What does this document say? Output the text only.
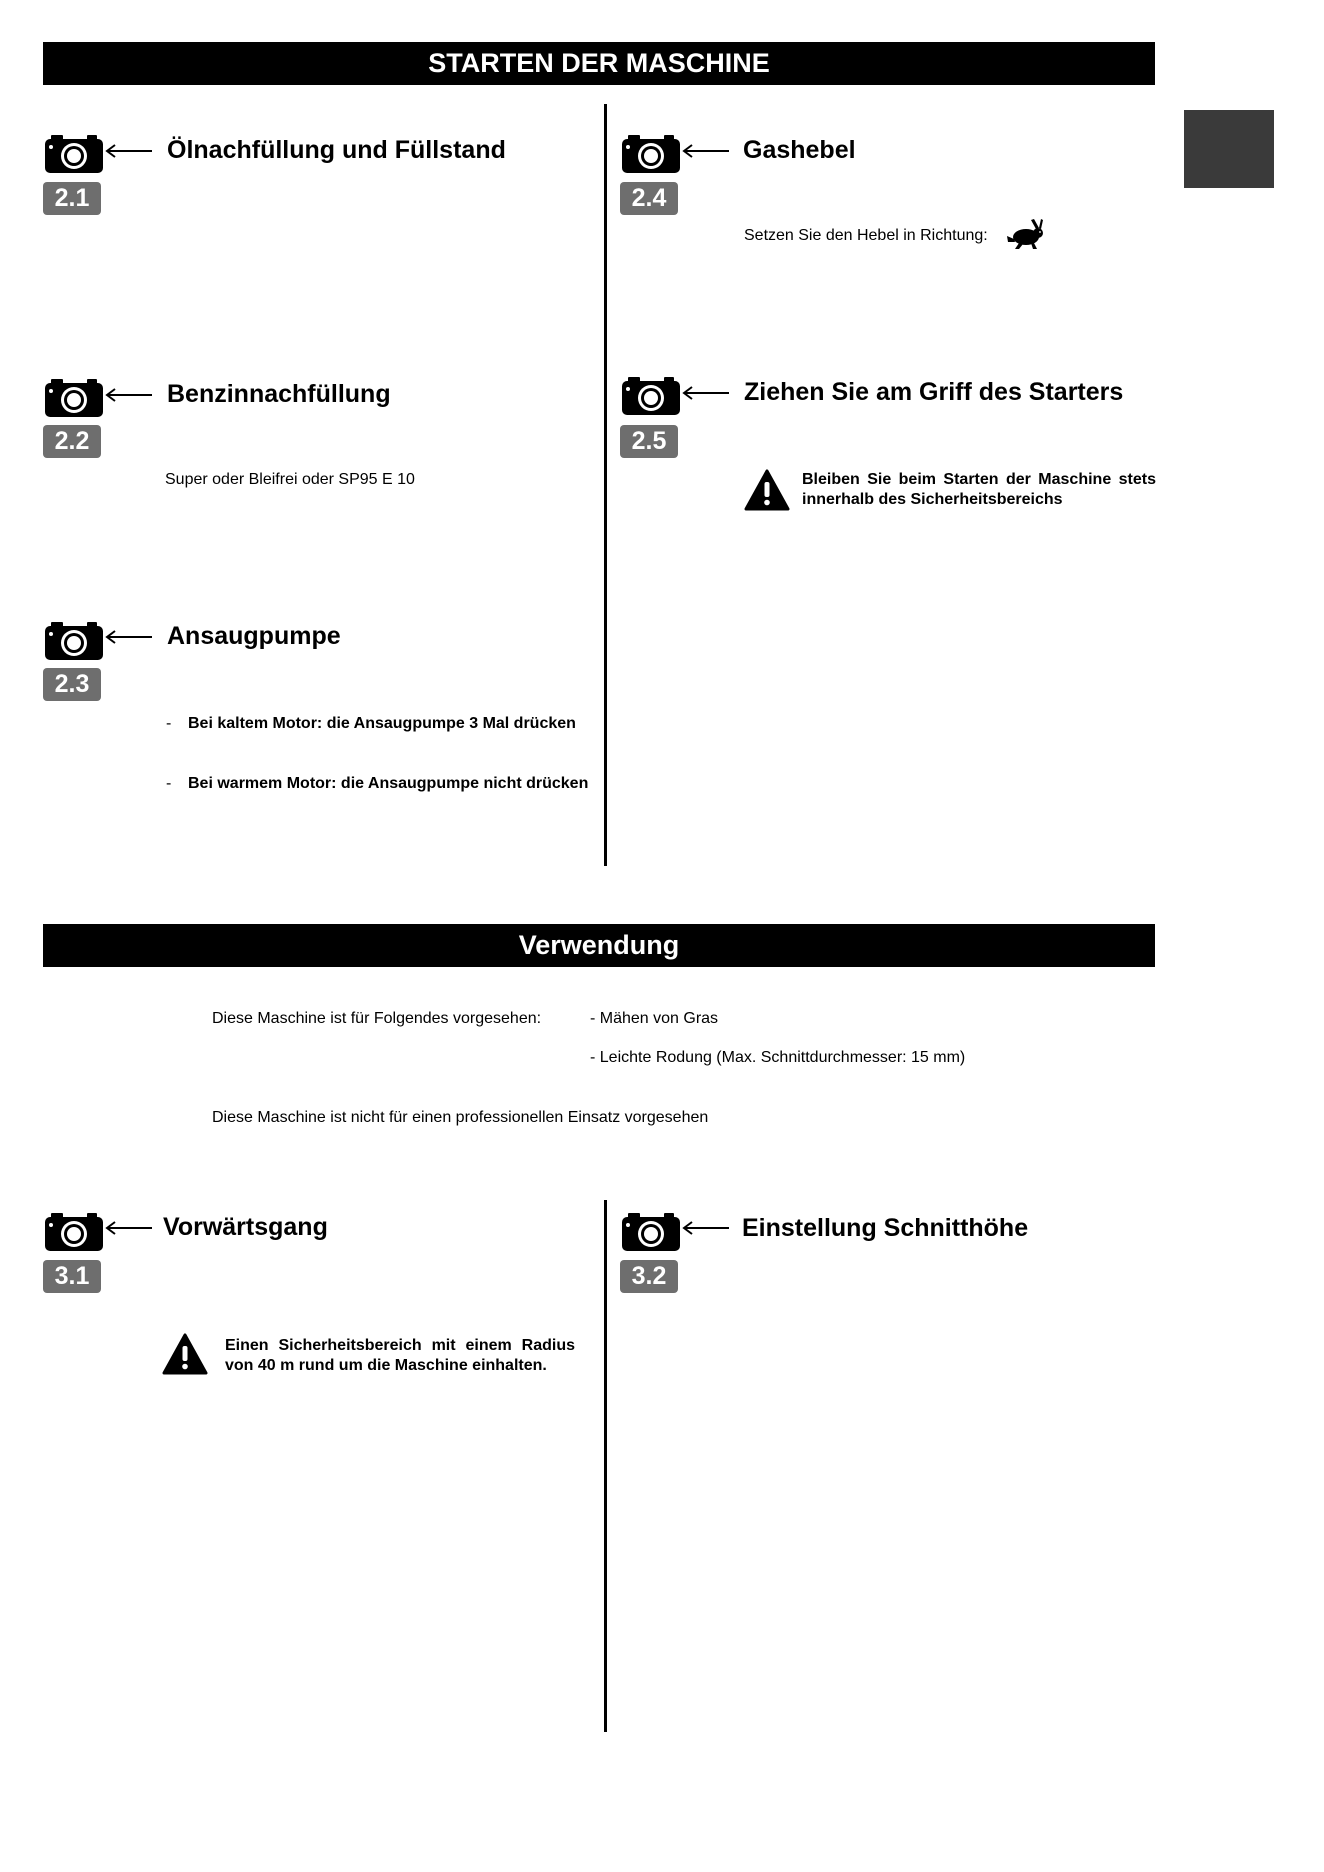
STARTEN DER MASCHINE
2.1
Ölnachfüllung und Füllstand
2.2
Benzinnachfüllung
Super oder Bleifrei oder SP95 E 10
2.3
Ansaugpumpe
- Bei kaltem Motor: die Ansaugpumpe 3 Mal drücken
- Bei warmem Motor: die Ansaugpumpe nicht drücken
2.4
Gashebel
Setzen Sie den Hebel in Richtung:
2.5
Ziehen Sie am Griff des Starters
Bleiben Sie beim Starten der Maschine stets innerhalb des Sicherheitsbereichs
Verwendung
Diese Maschine ist für Folgendes vorgesehen:	- Mähen von Gras
- Leichte Rodung (Max. Schnittdurchmesser: 15 mm)
Diese Maschine ist nicht für einen professionellen Einsatz vorgesehen
3.1
Vorwärtsgang
Einen Sicherheitsbereich mit einem Radius von 40 m rund um die Maschine einhalten.
3.2
Einstellung Schnitthöhe
